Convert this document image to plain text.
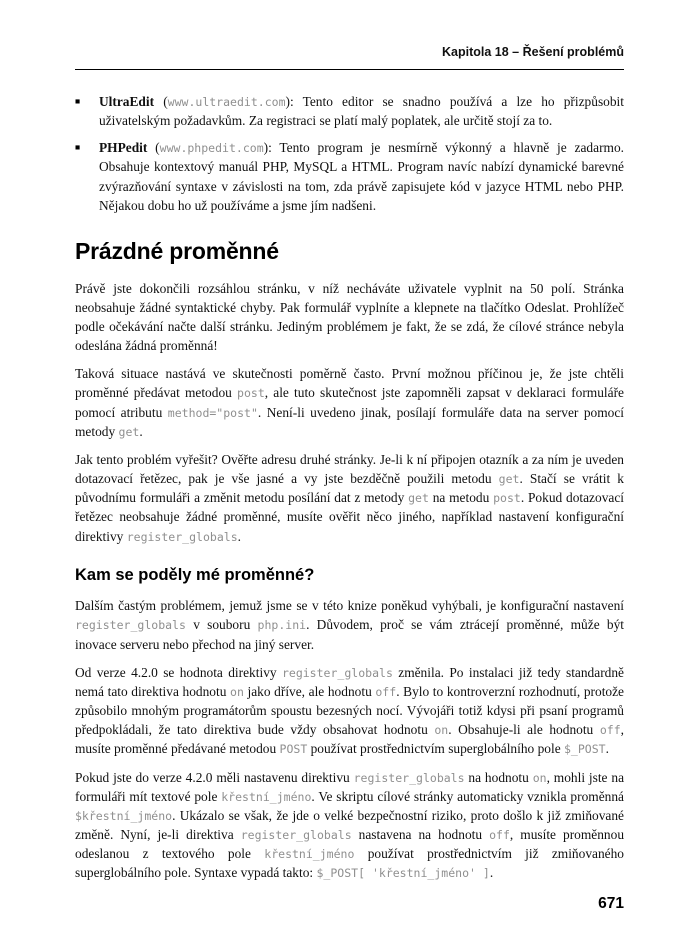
Kapitola 18 – Řešení problémů
■	UltraEdit (www.ultraedit.com): Tento editor se snadno používá a lze ho přizpůsobit uživatelským požadavkům. Za registraci se platí malý poplatek, ale určitě stojí za to.
■	PHPedit (www.phpedit.com): Tento program je nesmírně výkonný a hlavně je zadarmo. Obsahuje kontextový manuál PHP, MySQL a HTML. Program navíc nabízí dynamické barevné zvýrazňování syntaxe v závislosti na tom, zda právě zapisujete kód v jazyce HTML nebo PHP. Nějakou dobu ho už používáme a jsme jím nadšeni.
Prázdné proměnné

Právě jste dokončili rozsáhlou stránku, v níž necháváte uživatele vyplnit na 50 polí. Stránka neobsahuje žádné syntaktické chyby. Pak formulář vyplníte a klepnete na tlačítko Odeslat. Prohlížeč podle očekávání načte další stránku. Jediným problémem je fakt, že se zdá, že cílové stránce nebyla odeslána žádná proměnná!

Taková situace nastává ve skutečnosti poměrně často. První možnou příčinou je, že jste chtěli proměnné předávat metodou post, ale tuto skutečnost jste zapomněli zapsat v deklaraci formuláře pomocí atributu method="post". Není-li uvedeno jinak, posílají formuláře data na server pomocí metody get.

Jak tento problém vyřešit? Ověřte adresu druhé stránky. Je-li k ní připojen otazník a za ním je uveden dotazovací řetězec, pak je vše jasné a vy jste bezděčně použili metodu get. Stačí se vrátit k původnímu formuláři a změnit metodu posílání dat z metody get na metodu post. Pokud dotazovací řetězec neobsahuje žádné proměnné, musíte ověřit něco jiného, například nastavení konfigurační direktivy register_globals.

Kam se poděly mé proměnné?

Dalším častým problémem, jemuž jsme se v této knize poněkud vyhýbali, je konfigurační nastavení register_globals v souboru php.ini. Důvodem, proč se vám ztrácejí proměnné, může být inovace serveru nebo přechod na jiný server.

Od verze 4.2.0 se hodnota direktivy register_globals změnila. Po instalaci již tedy standardně nemá tato direktiva hodnotu on jako dříve, ale hodnotu off. Bylo to kontroverzní rozhodnutí, protože způsobilo mnohým programátorům spoustu bezesných nocí. Vývojáři totiž kdysi při psaní programů předpokládali, že tato direktiva bude vždy obsahovat hodnotu on. Obsahuje-li ale hodnotu off, musíte proměnné předávané metodou POST používat prostřednictvím superglobálního pole $_POST.

Pokud jste do verze 4.2.0 měli nastavenu direktivu register_globals na hodnotu on, mohli jste na formuláři mít textové pole křestní_jméno. Ve skriptu cílové stránky automaticky vznikla proměnná $křestní_jméno. Ukázalo se však, že jde o velké bezpečnostní riziko, proto došlo k již zmiňované změně. Nyní, je-li direktiva register_globals nastavena na hodnotu off, musíte proměnnou odeslanou z textového pole křestní_jméno používat prostřednictvím již zmiňovaného superglobálního pole. Syntaxe vypadá takto: $_POST[ 'křestní_jméno' ].

671
